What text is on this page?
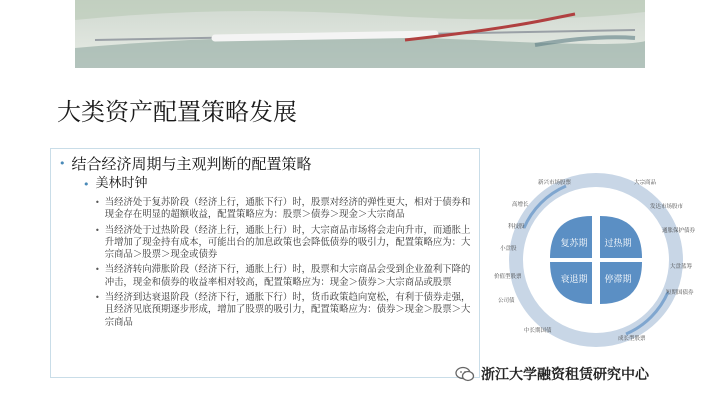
大类资产配置策略发展
• 结合经济周期与主观判断的配置策略
• 美林时钟
• 当经济处于复苏阶段（经济上行，通胀下行）时，股票对经济的弹性更大，相对于债券和现金存在明显的超额收益，配置策略应为：股票＞债券＞现金＞大宗商品
• 当经济处于过热阶段（经济上行，通胀上行）时，大宗商品市场将会走向升市，而通胀上升增加了现金持有成本，可能出台的加息政策也会降低债券的吸引力，配置策略应为：大宗商品＞股票＞现金或债券
• 当经济转向滞胀阶段（经济下行，通胀上行）时，股票和大宗商品会受到企业盈利下降的冲击，现金和债券的收益率相对较高，配置策略应为：现金＞债券＞大宗商品或股票
• 当经济到达衰退阶段（经济下行，通胀下行）时，货币政策趋向宽松，有利于债券走强，且经济见底预期逐步形成，增加了股票的吸引力，配置策略应为：债券＞现金＞股票＞大宗商品
复苏期 过热期
衰退期 停滞期
新兴市场股票
高增长
科技股
小盘股
价值型股票
公司债
大宗商品
发达市场股市
通胀保护债券
大盘蓝筹
短期国债券
中长期国债
成长型股票
浙江大学融资租赁研究中心
